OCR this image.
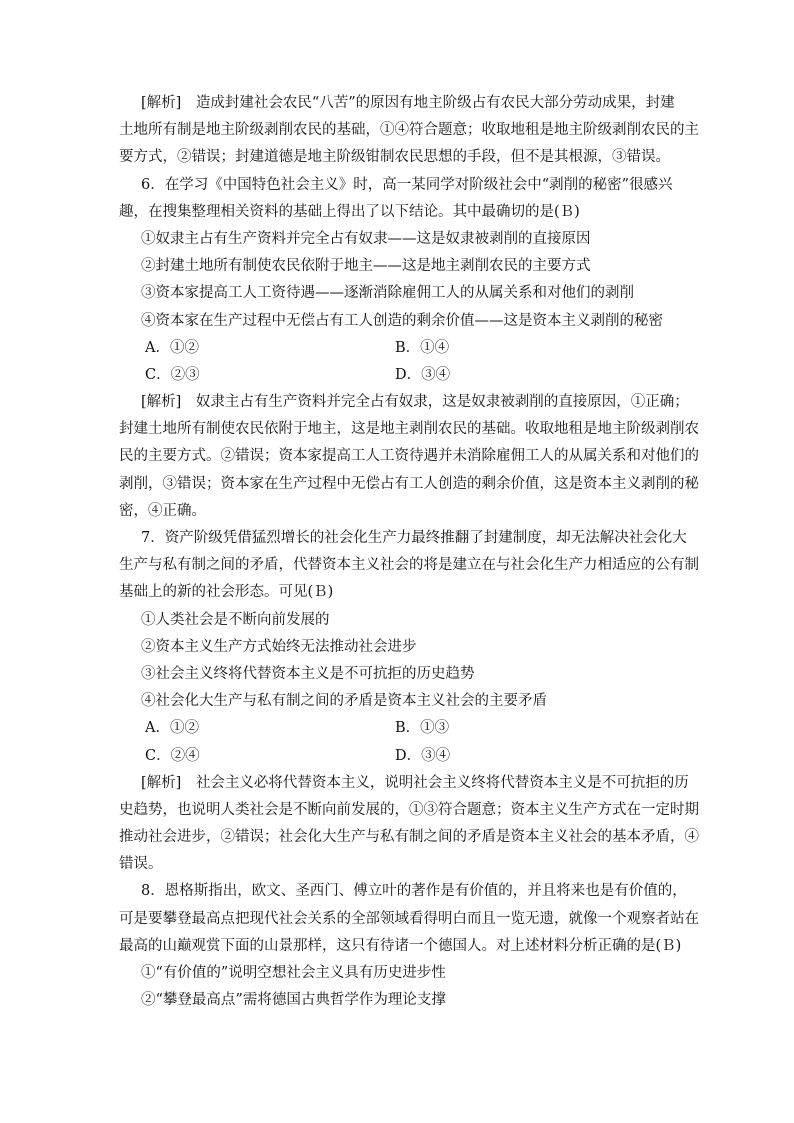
[解析]　造成封建社会农民“八苦”的原因有地主阶级占有农民大部分劳动成果，封建
土地所有制是地主阶级剥削农民的基础，①④符合题意；收取地租是地主阶级剥削农民的主
要方式，②错误；封建道德是地主阶级钳制农民思想的手段，但不是其根源，③错误。
6．在学习《中国特色社会主义》时，高一某同学对阶级社会中“剥削的秘密”很感兴
趣，在搜集整理相关资料的基础上得出了以下结论。其中最确切的是(Ｂ)
①奴隶主占有生产资料并完全占有奴隶——这是奴隶被剥削的直接原因
②封建土地所有制使农民依附于地主——这是地主剥削农民的主要方式
③资本家提高工人工资待遇——逐渐消除雇佣工人的从属关系和对他们的剥削
④资本家在生产过程中无偿占有工人创造的剩余价值——这是资本主义剥削的秘密
A．①②	B．①④
C．②③	D．③④
[解析]　奴隶主占有生产资料并完全占有奴隶，这是奴隶被剥削的直接原因，①正确；
封建土地所有制使农民依附于地主，这是地主剥削农民的基础。收取地租是地主阶级剥削农
民的主要方式。②错误；资本家提高工人工资待遇并未消除雇佣工人的从属关系和对他们的
剥削，③错误；资本家在生产过程中无偿占有工人创造的剩余价值，这是资本主义剥削的秘
密，④正确。
7．资产阶级凭借猛烈增长的社会化生产力最终推翻了封建制度，却无法解决社会化大
生产与私有制之间的矛盾，代替资本主义社会的将是建立在与社会化生产力相适应的公有制
基础上的新的社会形态。可见(Ｂ)
①人类社会是不断向前发展的
②资本主义生产方式始终无法推动社会进步
③社会主义终将代替资本主义是不可抗拒的历史趋势
④社会化大生产与私有制之间的矛盾是资本主义社会的主要矛盾
A．①②	B．①③
C．②④	D．③④
[解析]　社会主义必将代替资本主义，说明社会主义终将代替资本主义是不可抗拒的历
史趋势，也说明人类社会是不断向前发展的，①③符合题意；资本主义生产方式在一定时期
推动社会进步，②错误；社会化大生产与私有制之间的矛盾是资本主义社会的基本矛盾，④
错误。
8．恩格斯指出，欧文、圣西门、傅立叶的著作是有价值的，并且将来也是有价值的，
可是要攀登最高点把现代社会关系的全部领域看得明白而且一览无遗，就像一个观察者站在
最高的山巅观赏下面的山景那样，这只有待诸一个德国人。对上述材料分析正确的是(Ｂ)
①“有价值的”说明空想社会主义具有历史进步性
②“攀登最高点”需将德国古典哲学作为理论支撑
